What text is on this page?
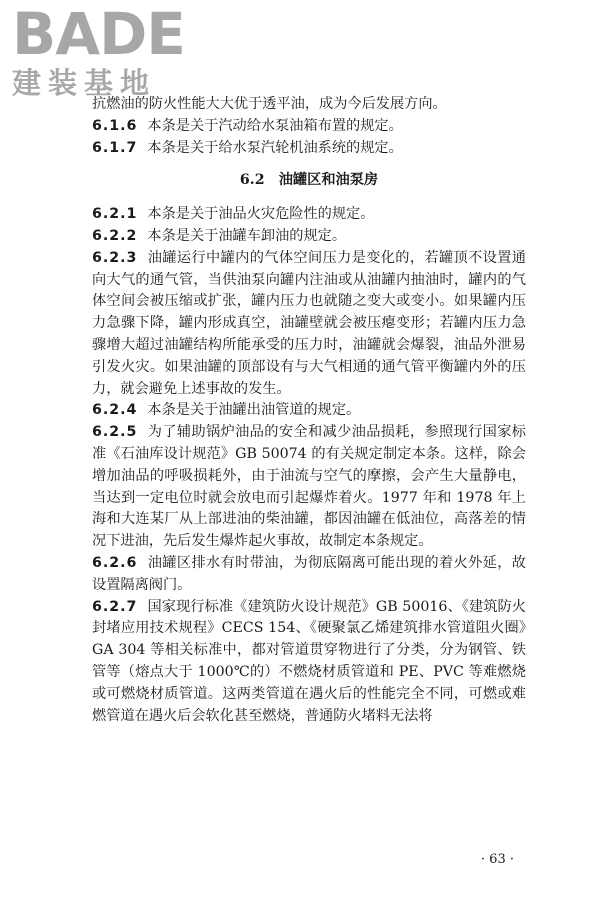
BADE
建装基地

抗燃油的防火性能大大优于透平油，成为今后发展方向。

6.1.6 本条是关于汽动给水泵油箱布置的规定。

6.1.7 本条是关于给水泵汽轮机油系统的规定。

6.2　油罐区和油泵房

6.2.1 本条是关于油品火灾危险性的规定。

6.2.2 本条是关于油罐车卸油的规定。

6.2.3 油罐运行中罐内的气体空间压力是变化的，若罐顶不设置通向大气的通气管，当供油泵向罐内注油或从油罐内抽油时，罐内的气体空间会被压缩或扩张，罐内压力也就随之变大或变小。如果罐内压力急骤下降，罐内形成真空，油罐壁就会被压瘪变形；若罐内压力急骤增大超过油罐结构所能承受的压力时，油罐就会爆裂，油品外泄易引发火灾。如果油罐的顶部设有与大气相通的通气管平衡罐内外的压力，就会避免上述事故的发生。

6.2.4 本条是关于油罐出油管道的规定。

6.2.5 为了辅助锅炉油品的安全和减少油品损耗，参照现行国家标准《石油库设计规范》GB 50074 的有关规定制定本条。这样，除会增加油品的呼吸损耗外，由于油流与空气的摩擦，会产生大量静电，当达到一定电位时就会放电而引起爆炸着火。1977 年和 1978 年上海和大连某厂从上部进油的柴油罐，都因油罐在低油位，高落差的情况下进油，先后发生爆炸起火事故，故制定本条规定。

6.2.6 油罐区排水有时带油，为彻底隔离可能出现的着火外延，故设置隔离阀门。

6.2.7 国家现行标准《建筑防火设计规范》GB 50016、《建筑防火封堵应用技术规程》CECS 154、《硬聚氯乙烯建筑排水管道阻火圈》GA 304 等相关标准中，都对管道贯穿物进行了分类，分为钢管、铁管等（熔点大于 1000℃的）不燃烧材质管道和 PE、PVC 等难燃烧或可燃烧材质管道。这两类管道在遇火后的性能完全不同，可燃或难燃管道在遇火后会软化甚至燃烧，普通防火堵料无法将

· 63 ·
